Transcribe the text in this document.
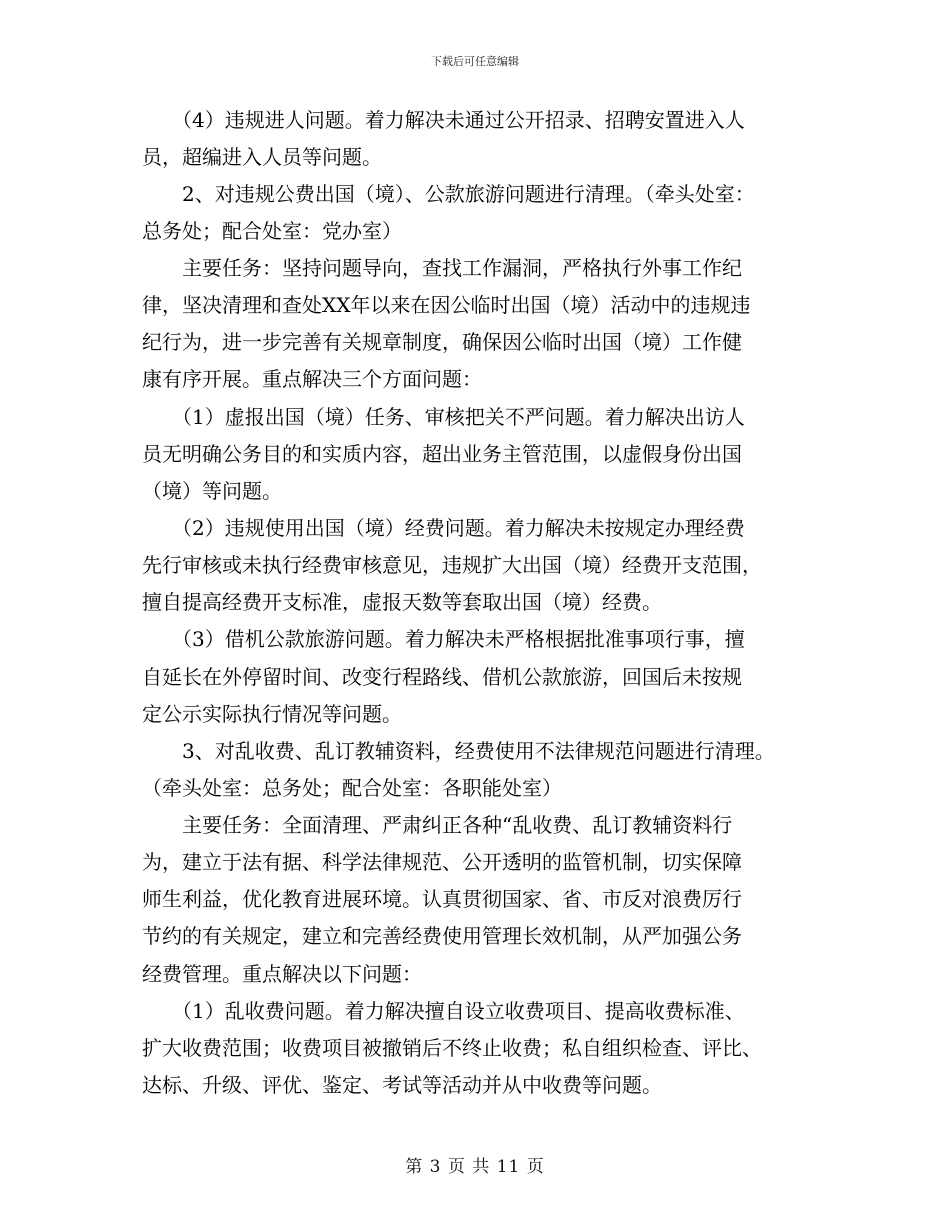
下载后可任意编辑
　　（4）违规进人问题。着力解决未通过公开招录、招聘安置进入人
员，超编进入人员等问题。
　　2、对违规公费出国（境）、公款旅游问题进行清理。（牵头处室：
总务处；配合处室：党办室）
　　主要任务：坚持问题导向，查找工作漏洞，严格执行外事工作纪
律，坚决清理和查处XX年以来在因公临时出国（境）活动中的违规违
纪行为，进一步完善有关规章制度，确保因公临时出国（境）工作健
康有序开展。重点解决三个方面问题：
　　（1）虚报出国（境）任务、审核把关不严问题。着力解决出访人
员无明确公务目的和实质内容，超出业务主管范围，以虚假身份出国
（境）等问题。
　　（2）违规使用出国（境）经费问题。着力解决未按规定办理经费
先行审核或未执行经费审核意见，违规扩大出国（境）经费开支范围，
擅自提高经费开支标准，虚报天数等套取出国（境）经费。
　　（3）借机公款旅游问题。着力解决未严格根据批准事项行事，擅
自延长在外停留时间、改变行程路线、借机公款旅游，回国后未按规
定公示实际执行情况等问题。
　　3、对乱收费、乱订教辅资料，经费使用不法律规范问题进行清理。
（牵头处室：总务处；配合处室：各职能处室）
　　主要任务：全面清理、严肃纠正各种“乱收费、乱订教辅资料行
为，建立于法有据、科学法律规范、公开透明的监管机制，切实保障
师生利益，优化教育进展环境。认真贯彻国家、省、市反对浪费厉行
节约的有关规定，建立和完善经费使用管理长效机制，从严加强公务
经费管理。重点解决以下问题：
　　（1）乱收费问题。着力解决擅自设立收费项目、提高收费标准、
扩大收费范围；收费项目被撤销后不终止收费；私自组织检查、评比、
达标、升级、评优、鉴定、考试等活动并从中收费等问题。
第 3 页 共 11 页
